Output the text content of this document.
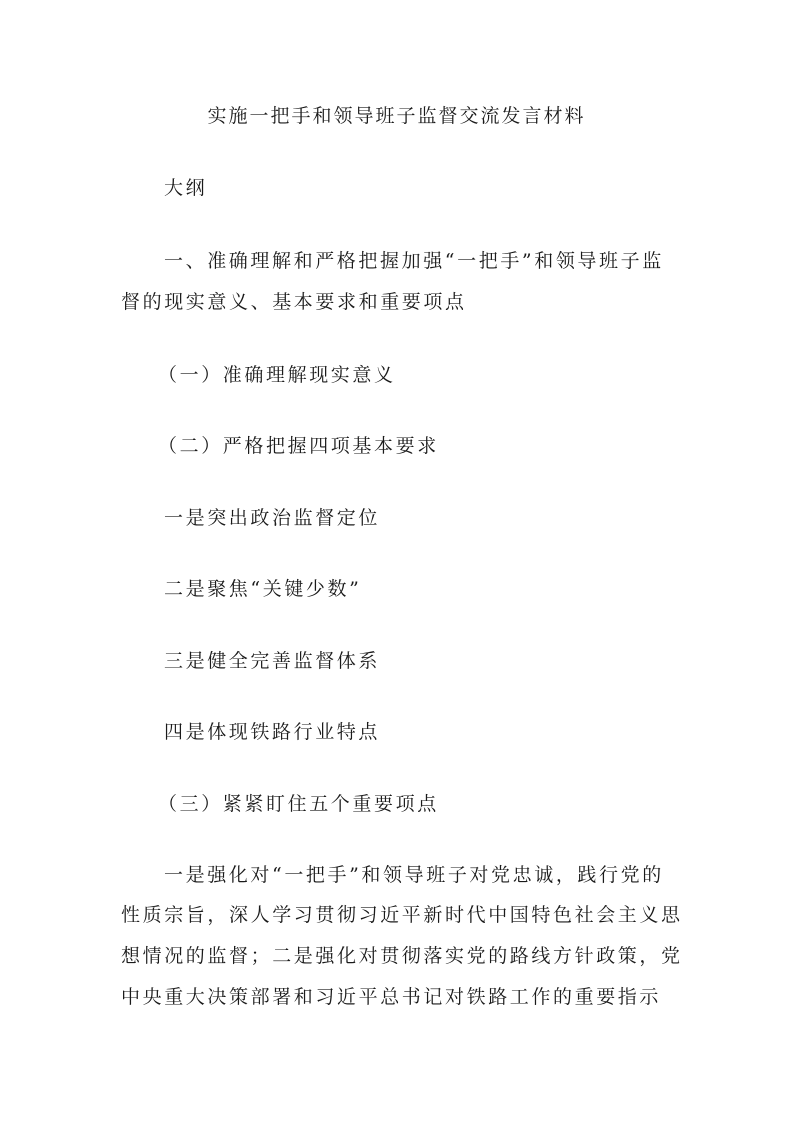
实施一把手和领导班子监督交流发言材料
大纲
一、准确理解和严格把握加强“一把手”和领导班子监
督的现实意义、基本要求和重要项点
（一）准确理解现实意义
（二）严格把握四项基本要求
一是突出政治监督定位
二是聚焦“关键少数”
三是健全完善监督体系
四是体现铁路行业特点
（三）紧紧盯住五个重要项点
一是强化对“一把手”和领导班子对党忠诚，践行党的
性质宗旨，深人学习贯彻习近平新时代中国特色社会主义思
想情况的监督；二是强化对贯彻落实党的路线方针政策，党
中央重大决策部署和习近平总书记对铁路工作的重要指示
